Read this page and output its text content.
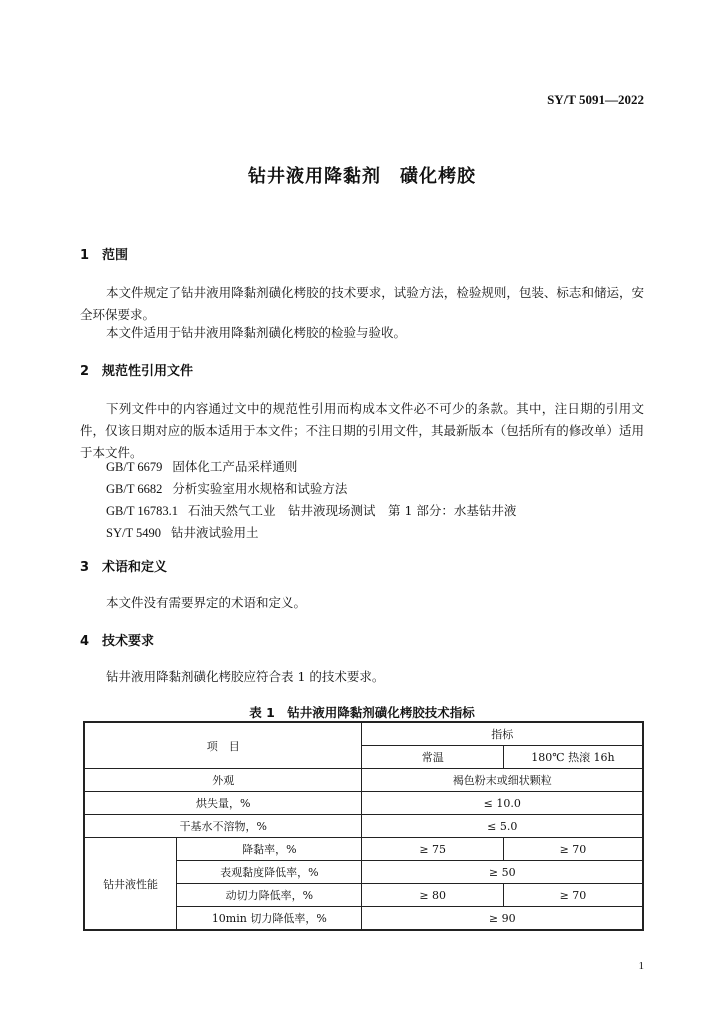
SY/T 5091—2022
钻井液用降黏剂　磺化栲胶
1 范围
本文件规定了钻井液用降黏剂磺化栲胶的技术要求，试验方法，检验规则，包装、标志和储运，安全环保要求。
本文件适用于钻井液用降黏剂磺化栲胶的检验与验收。
2 规范性引用文件
下列文件中的内容通过文中的规范性引用而构成本文件必不可少的条款。其中，注日期的引用文件，仅该日期对应的版本适用于本文件；不注日期的引用文件，其最新版本（包括所有的修改单）适用于本文件。
GB/T 6679 固体化工产品采样通则
GB/T 6682 分析实验室用水规格和试验方法
GB/T 16783.1 石油天然气工业　钻井液现场测试　第 1 部分：水基钻井液
SY/T 5490 钻井液试验用土
3 术语和定义
本文件没有需要界定的术语和定义。
4 技术要求
钻井液用降黏剂磺化栲胶应符合表 1 的技术要求。
表 1　钻井液用降黏剂磺化栲胶技术指标
项　目		指标	
		常温	180℃ 热滚 16h
外观		褐色粉末或细状颗粒	
烘失量，%		≤ 10.0	
干基水不溶物，%		≤ 5.0	
钻井液性能	降黏率，%	≥ 75	≥ 70
	表观黏度降低率，%	≥ 50	
	动切力降低率，%	≥ 80	≥ 70
	10min 切力降低率，%	≥ 90	
1
